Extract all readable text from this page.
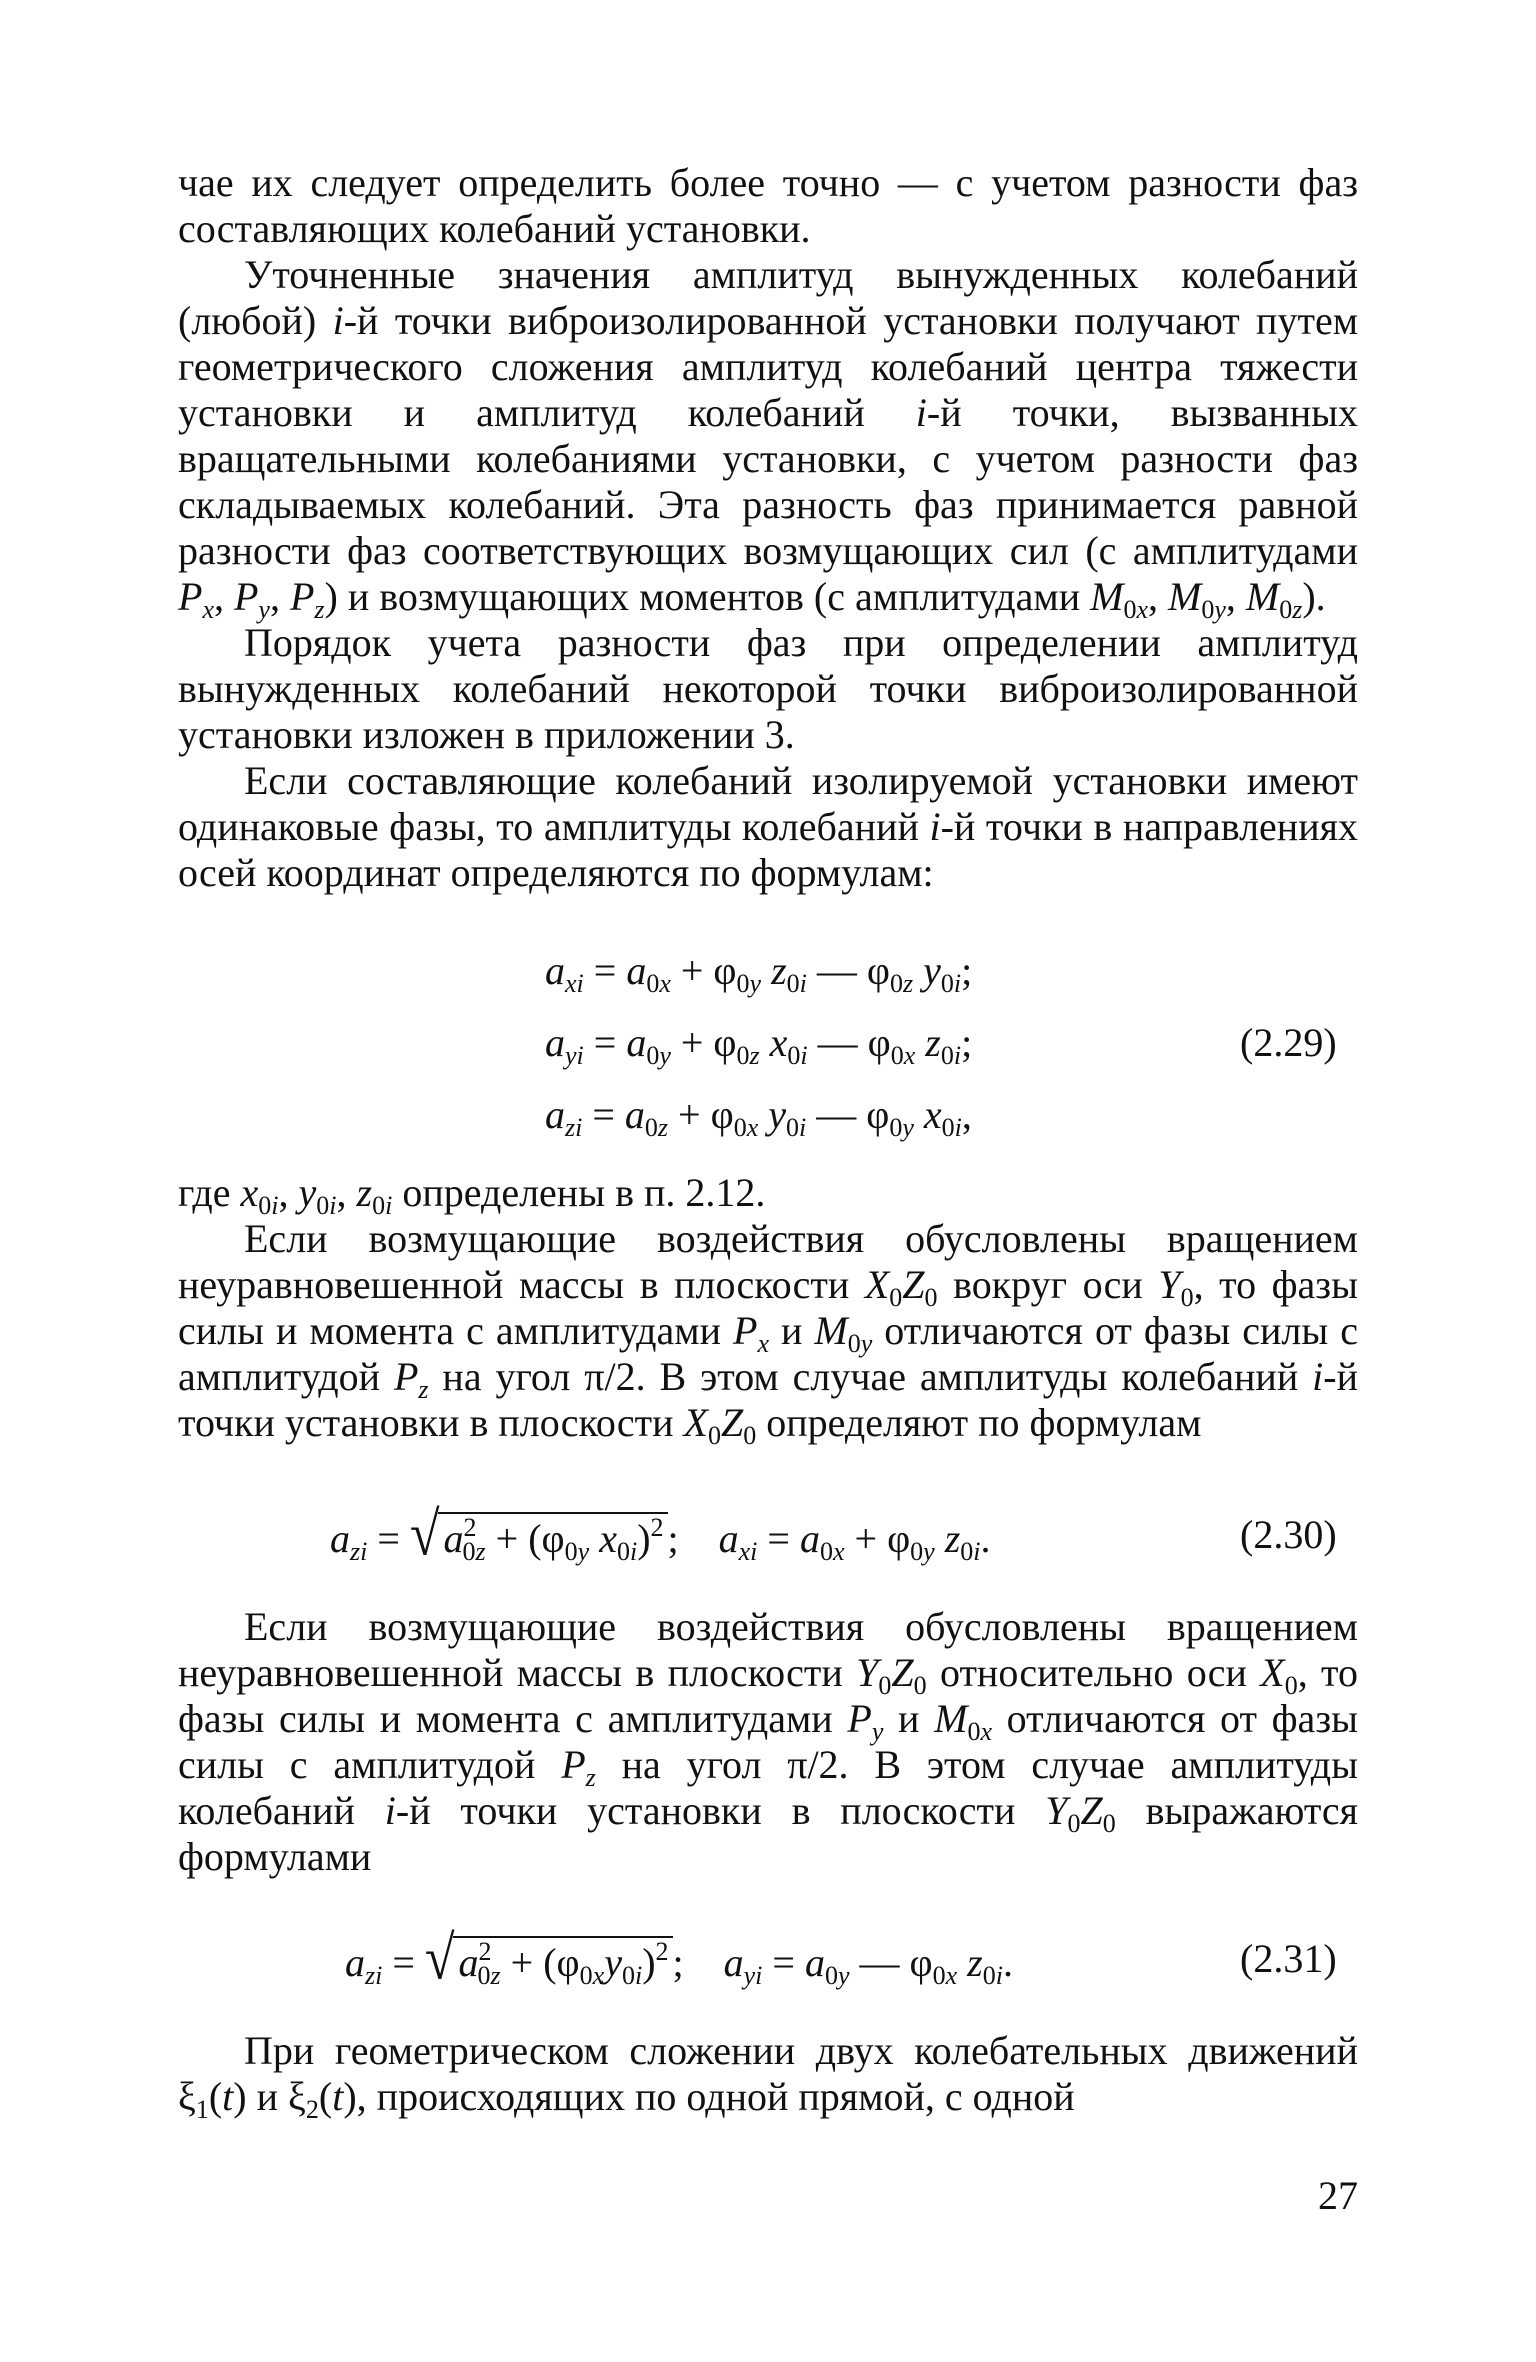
чае их следует определить более точно — с учетом разности фаз составляющих колебаний установки.

Уточненные значения амплитуд вынужденных колебаний (любой) i-й точки виброизолированной установки получают путем геометрического сложения амплитуд колебаний центра тяжести установки и амплитуд колебаний i-й точки, вызванных вращательными колебаниями установки, с учетом разности фаз складываемых колебаний. Эта разность фаз принимается равной разности фаз соответствующих возмущающих сил (с амплитудами $P_x$, $P_y$, $P_z$) и возмущающих моментов (с амплитудами $M_{0x}$, $M_{0y}$, $M_{0z}$).

Порядок учета разности фаз при определении амплитуд вынужденных колебаний некоторой точки виброизолированной установки изложен в приложении 3.

Если составляющие колебаний изолируемой установки имеют одинаковые фазы, то амплитуды колебаний i-й точки в направлениях осей координат определяются по формулам:

$a_{xi} = a_{0x} + \varphi_{0y}$ $z_{0i}$ — $\varphi_{0z}$ $y_{0i}$;
$a_{yi} = a_{0y} + \varphi_{0z}$ $x_{0i}$ — $\varphi_{0x}$ $z_{0i}$;
$a_{zi} = a_{0z} + \varphi_{0x}$ $y_{0i}$ — $\varphi_{0y}$ $x_{0i}$,
(2.29)

где $x_{0i}$, $y_{0i}$, $z_{0i}$ определены в п. 2.12.

Если возмущающие воздействия обусловлены вращением неуравновешенной массы в плоскости $X_0Z_0$ вокруг оси $Y_0$, то фазы силы и момента с амплитудами $P_x$ и $M_{0y}$ отличаются от фазы силы с амплитудой $P_z$ на угол π/2. В этом случае амплитуды колебаний i-й точки установки в плоскости $X_0Z_0$ определяют по формулам

$a_{zi}$ = √ $a^2_{0z} + (\varphi_{0y}$ $x_{0i})^2$ ;    $a_{xi} = a_{0x} + \varphi_{0y}$ $z_{0i}$.	(2.30)

Если возмущающие воздействия обусловлены вращением неуравновешенной массы в плоскости $Y_0Z_0$ относительно оси $X_0$, то фазы силы и момента с амплитудами $P_y$ и $M_{0x}$ отличаются от фазы силы с амплитудой $P_z$ на угол π/2. В этом случае амплитуды колебаний i-й точки установки в плоскости $Y_0Z_0$ выражаются формулами

$a_{zi}$ = √ $a^2_{0z} + (\varphi_{0x}y_{0i})^2$ ;    $a_{yi} = a_{0y}$ — $\varphi_{0x}$ $z_{0i}$.	(2.31)

При геометрическом сложении двух колебательных движений $\xi_1(t)$ и $\xi_2(t)$, происходящих по одной прямой, с одной

27
